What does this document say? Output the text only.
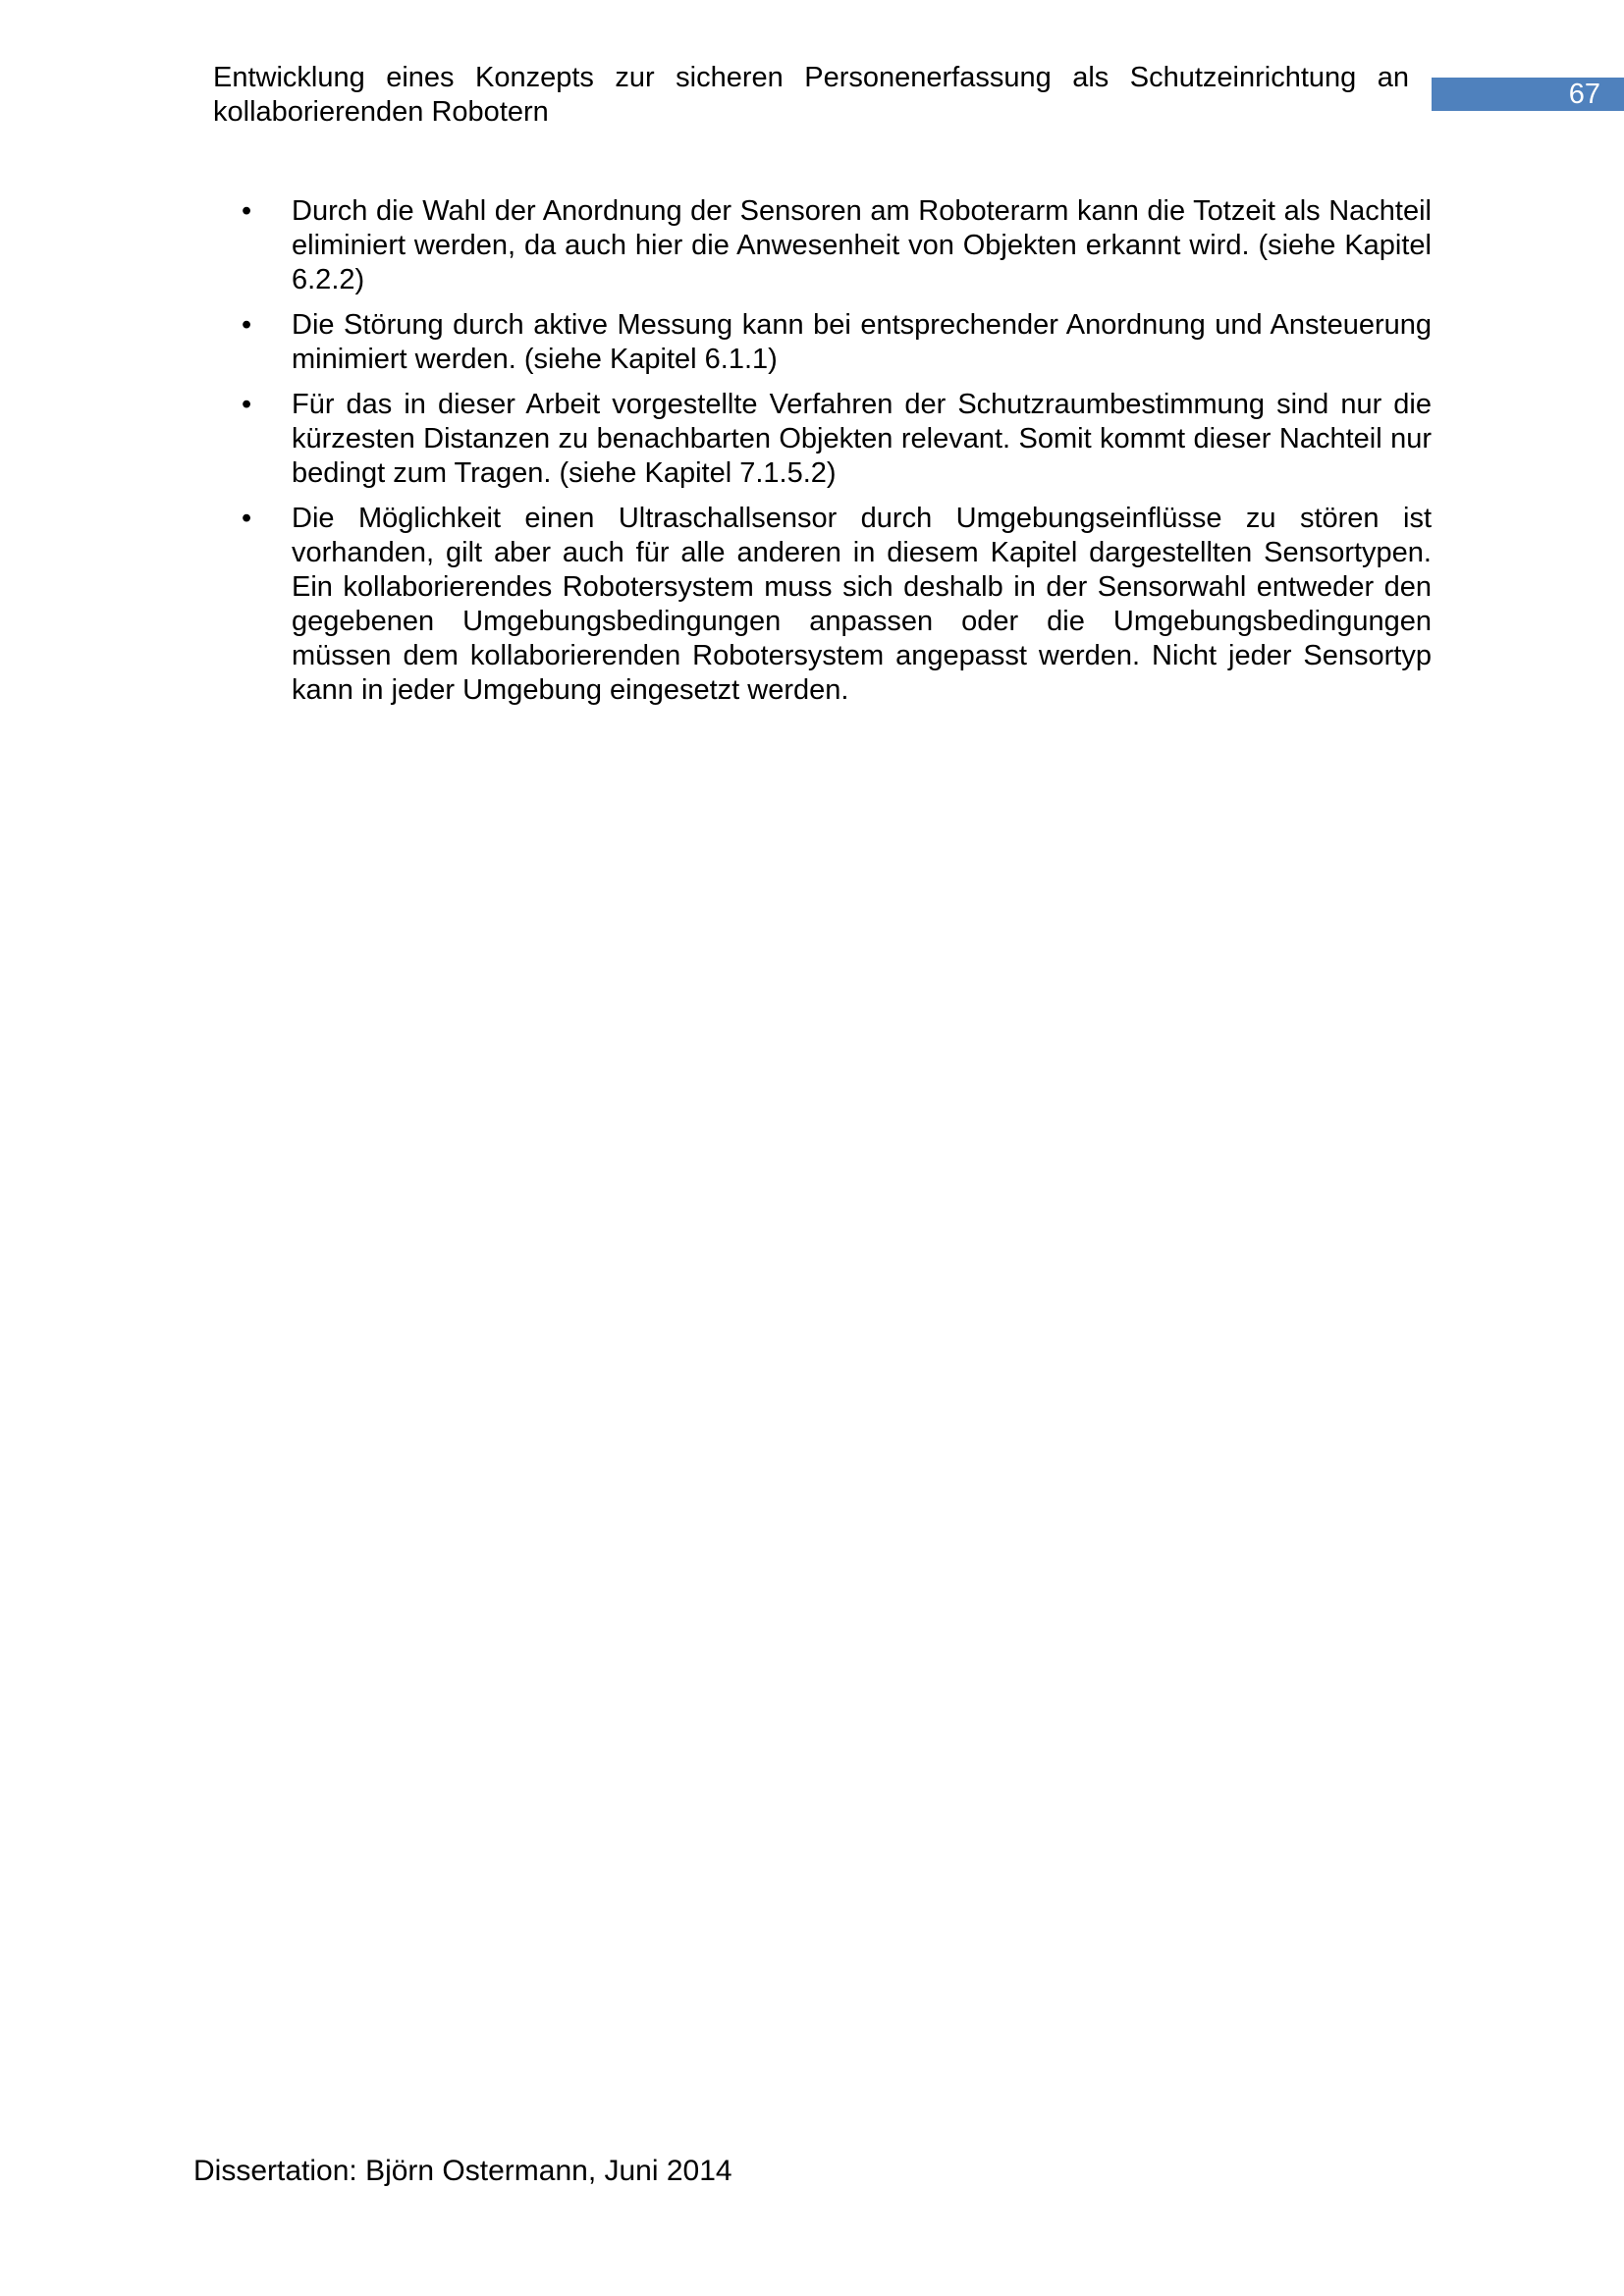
Entwicklung eines Konzepts zur sicheren Personenerfassung als Schutzeinrichtung an kollaborierenden Robotern
67
•	Durch die Wahl der Anordnung der Sensoren am Roboterarm kann die Totzeit als Nachteil eliminiert werden, da auch hier die Anwesenheit von Objekten erkannt wird. (siehe Kapitel 6.2.2)
•	Die Störung durch aktive Messung kann bei entsprechender Anordnung und Ansteuerung minimiert werden. (siehe Kapitel 6.1.1)
•	Für das in dieser Arbeit vorgestellte Verfahren der Schutzraumbestimmung sind nur die kürzesten Distanzen zu benachbarten Objekten relevant. Somit kommt dieser Nachteil nur bedingt zum Tragen. (siehe Kapitel 7.1.5.2)
•	Die Möglichkeit einen Ultraschallsensor durch Umgebungseinflüsse zu stören ist vorhanden, gilt aber auch für alle anderen in diesem Kapitel dargestellten Sensortypen. Ein kollaborierendes Robotersystem muss sich deshalb in der Sensorwahl entweder den gegebenen Umgebungsbedingungen anpassen oder die Umgebungsbedingungen müssen dem kollaborierenden Robotersystem angepasst werden. Nicht jeder Sensortyp kann in jeder Umgebung eingesetzt werden.
Dissertation: Björn Ostermann, Juni 2014
